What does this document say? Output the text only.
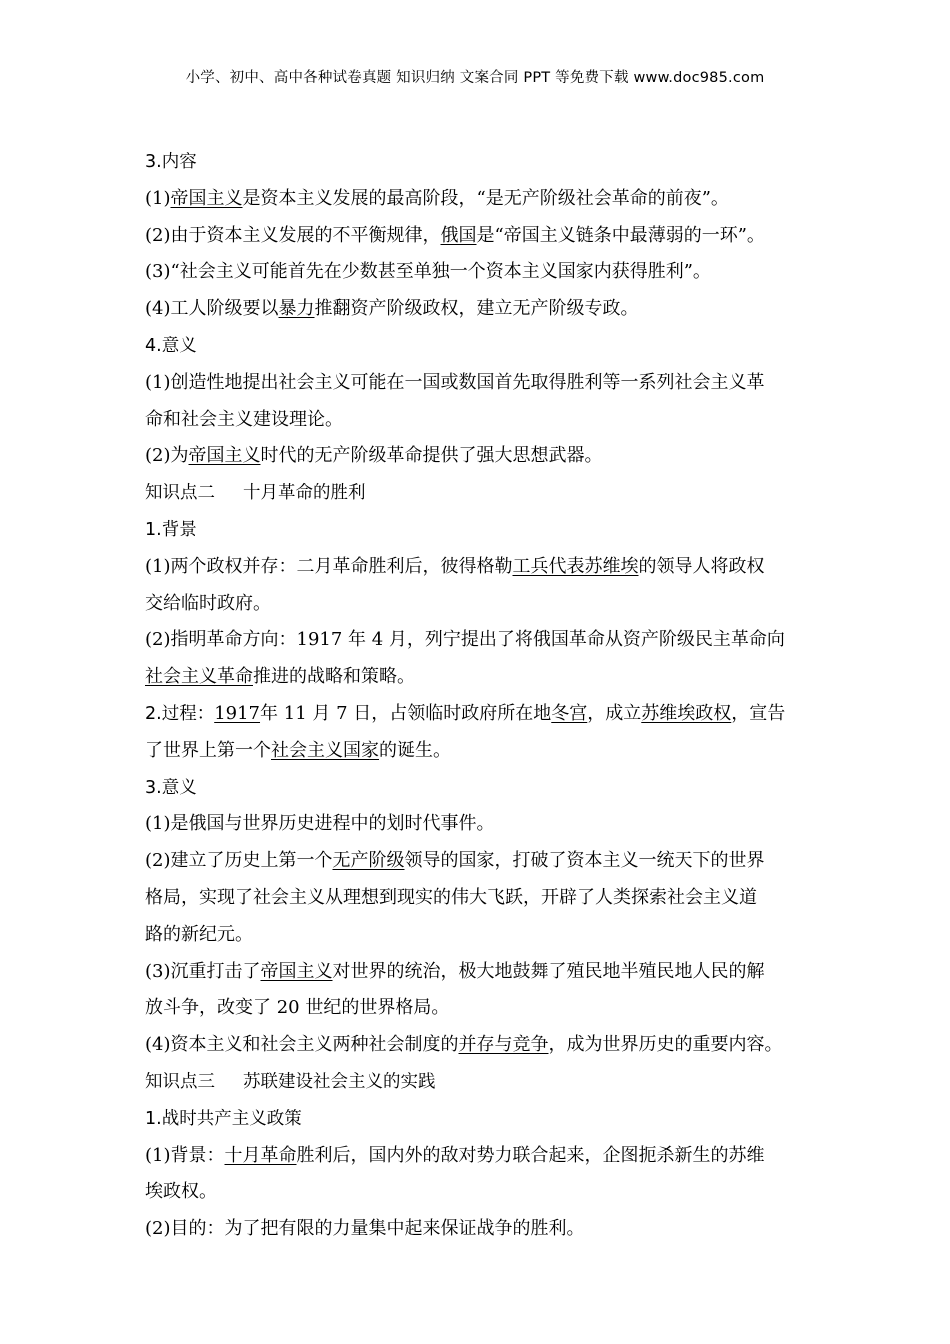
小学、初中、高中各种试卷真题 知识归纳 文案合同 PPT 等免费下载 www.doc985.com
3.内容
(1)帝国主义是资本主义发展的最高阶段，“是无产阶级社会革命的前夜”。
(2)由于资本主义发展的不平衡规律，俄国是“帝国主义链条中最薄弱的一环”。
(3)“社会主义可能首先在少数甚至单独一个资本主义国家内获得胜利”。
(4)工人阶级要以暴力推翻资产阶级政权，建立无产阶级专政。
4.意义
(1)创造性地提出社会主义可能在一国或数国首先取得胜利等一系列社会主义革
命和社会主义建设理论。
(2)为帝国主义时代的无产阶级革命提供了强大思想武器。
知识点二 十月革命的胜利
1.背景
(1)两个政权并存：二月革命胜利后，彼得格勒工兵代表苏维埃的领导人将政权
交给临时政府。
(2)指明革命方向：1917 年 4 月，列宁提出了将俄国革命从资产阶级民主革命向
社会主义革命推进的战略和策略。
2.过程：1917年 11 月 7 日，占领临时政府所在地冬宫，成立苏维埃政权，宣告
了世界上第一个社会主义国家的诞生。
3.意义
(1)是俄国与世界历史进程中的划时代事件。
(2)建立了历史上第一个无产阶级领导的国家，打破了资本主义一统天下的世界
格局，实现了社会主义从理想到现实的伟大飞跃，开辟了人类探索社会主义道
路的新纪元。
(3)沉重打击了帝国主义对世界的统治，极大地鼓舞了殖民地半殖民地人民的解
放斗争，改变了 20 世纪的世界格局。
(4)资本主义和社会主义两种社会制度的并存与竞争，成为世界历史的重要内容。
知识点三 苏联建设社会主义的实践
1.战时共产主义政策
(1)背景：十月革命胜利后，国内外的敌对势力联合起来，企图扼杀新生的苏维
埃政权。
(2)目的：为了把有限的力量集中起来保证战争的胜利。
